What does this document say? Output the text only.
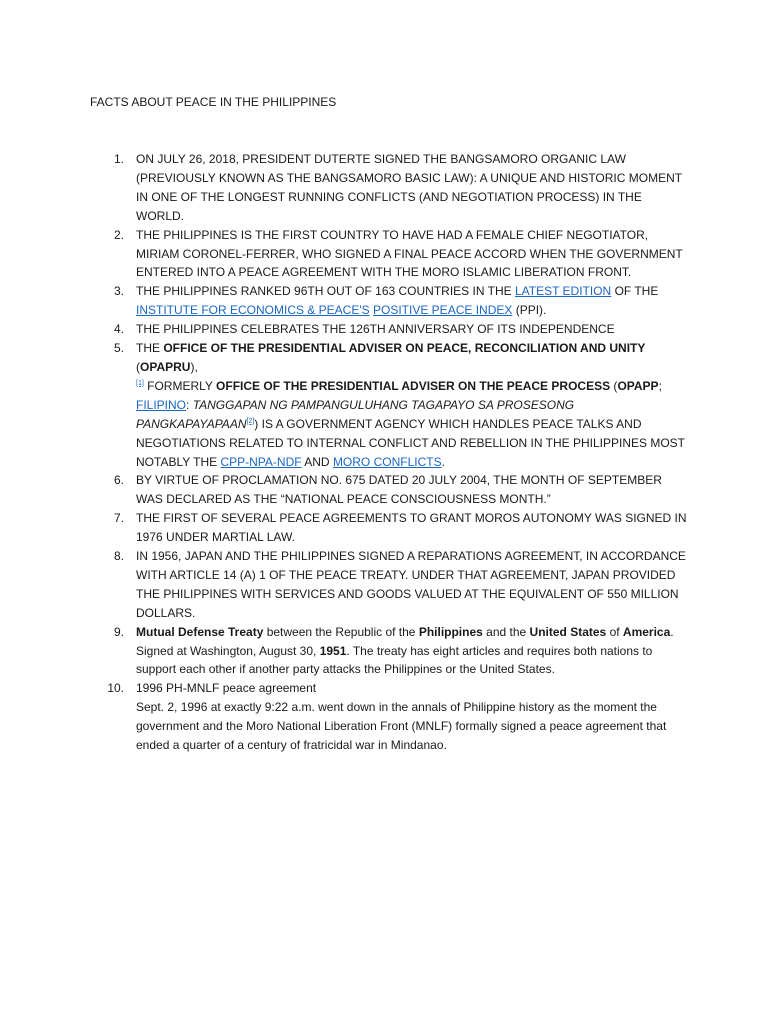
FACTS ABOUT PEACE IN THE PHILIPPINES
1. ON JULY 26, 2018, PRESIDENT DUTERTE SIGNED THE BANGSAMORO ORGANIC LAW (PREVIOUSLY KNOWN AS THE BANGSAMORO BASIC LAW): A UNIQUE AND HISTORIC MOMENT IN ONE OF THE LONGEST RUNNING CONFLICTS (AND NEGOTIATION PROCESS) IN THE WORLD.
2. THE PHILIPPINES IS THE FIRST COUNTRY TO HAVE HAD A FEMALE CHIEF NEGOTIATOR, MIRIAM CORONEL-FERRER, WHO SIGNED A FINAL PEACE ACCORD WHEN THE GOVERNMENT ENTERED INTO A PEACE AGREEMENT WITH THE MORO ISLAMIC LIBERATION FRONT.
3. THE PHILIPPINES RANKED 96TH OUT OF 163 COUNTRIES IN THE LATEST EDITION OF THE INSTITUTE FOR ECONOMICS & PEACE'S POSITIVE PEACE INDEX (PPI).
4. THE PHILIPPINES CELEBRATES THE 126TH ANNIVERSARY OF ITS INDEPENDENCE
5. THE OFFICE OF THE PRESIDENTIAL ADVISER ON PEACE, RECONCILIATION AND UNITY (OPAPRU),
[1] FORMERLY OFFICE OF THE PRESIDENTIAL ADVISER ON THE PEACE PROCESS (OPAPP; FILIPINO: TANGGAPAN NG PAMPANGULUHANG TAGAPAYO SA PROSESONG PANGKAPAYAPAAN[2]) IS A GOVERNMENT AGENCY WHICH HANDLES PEACE TALKS AND NEGOTIATIONS RELATED TO INTERNAL CONFLICT AND REBELLION IN THE PHILIPPINES MOST NOTABLY THE CPP-NPA-NDF AND MORO CONFLICTS.
6. BY VIRTUE OF PROCLAMATION NO. 675 DATED 20 JULY 2004, THE MONTH OF SEPTEMBER WAS DECLARED AS THE “NATIONAL PEACE CONSCIOUSNESS MONTH.”
7. THE FIRST OF SEVERAL PEACE AGREEMENTS TO GRANT MOROS AUTONOMY WAS SIGNED IN 1976 UNDER MARTIAL LAW.
8. IN 1956, JAPAN AND THE PHILIPPINES SIGNED A REPARATIONS AGREEMENT, IN ACCORDANCE WITH ARTICLE 14 (A) 1 OF THE PEACE TREATY. UNDER THAT AGREEMENT, JAPAN PROVIDED THE PHILIPPINES WITH SERVICES AND GOODS VALUED AT THE EQUIVALENT OF 550 MILLION DOLLARS.
9. Mutual Defense Treaty between the Republic of the Philippines and the United States of America. Signed at Washington, August 30, 1951. The treaty has eight articles and requires both nations to support each other if another party attacks the Philippines or the United States.
10. 1996 PH-MNLF peace agreement
Sept. 2, 1996 at exactly 9:22 a.m. went down in the annals of Philippine history as the moment the government and the Moro National Liberation Front (MNLF) formally signed a peace agreement that ended a quarter of a century of fratricidal war in Mindanao.
